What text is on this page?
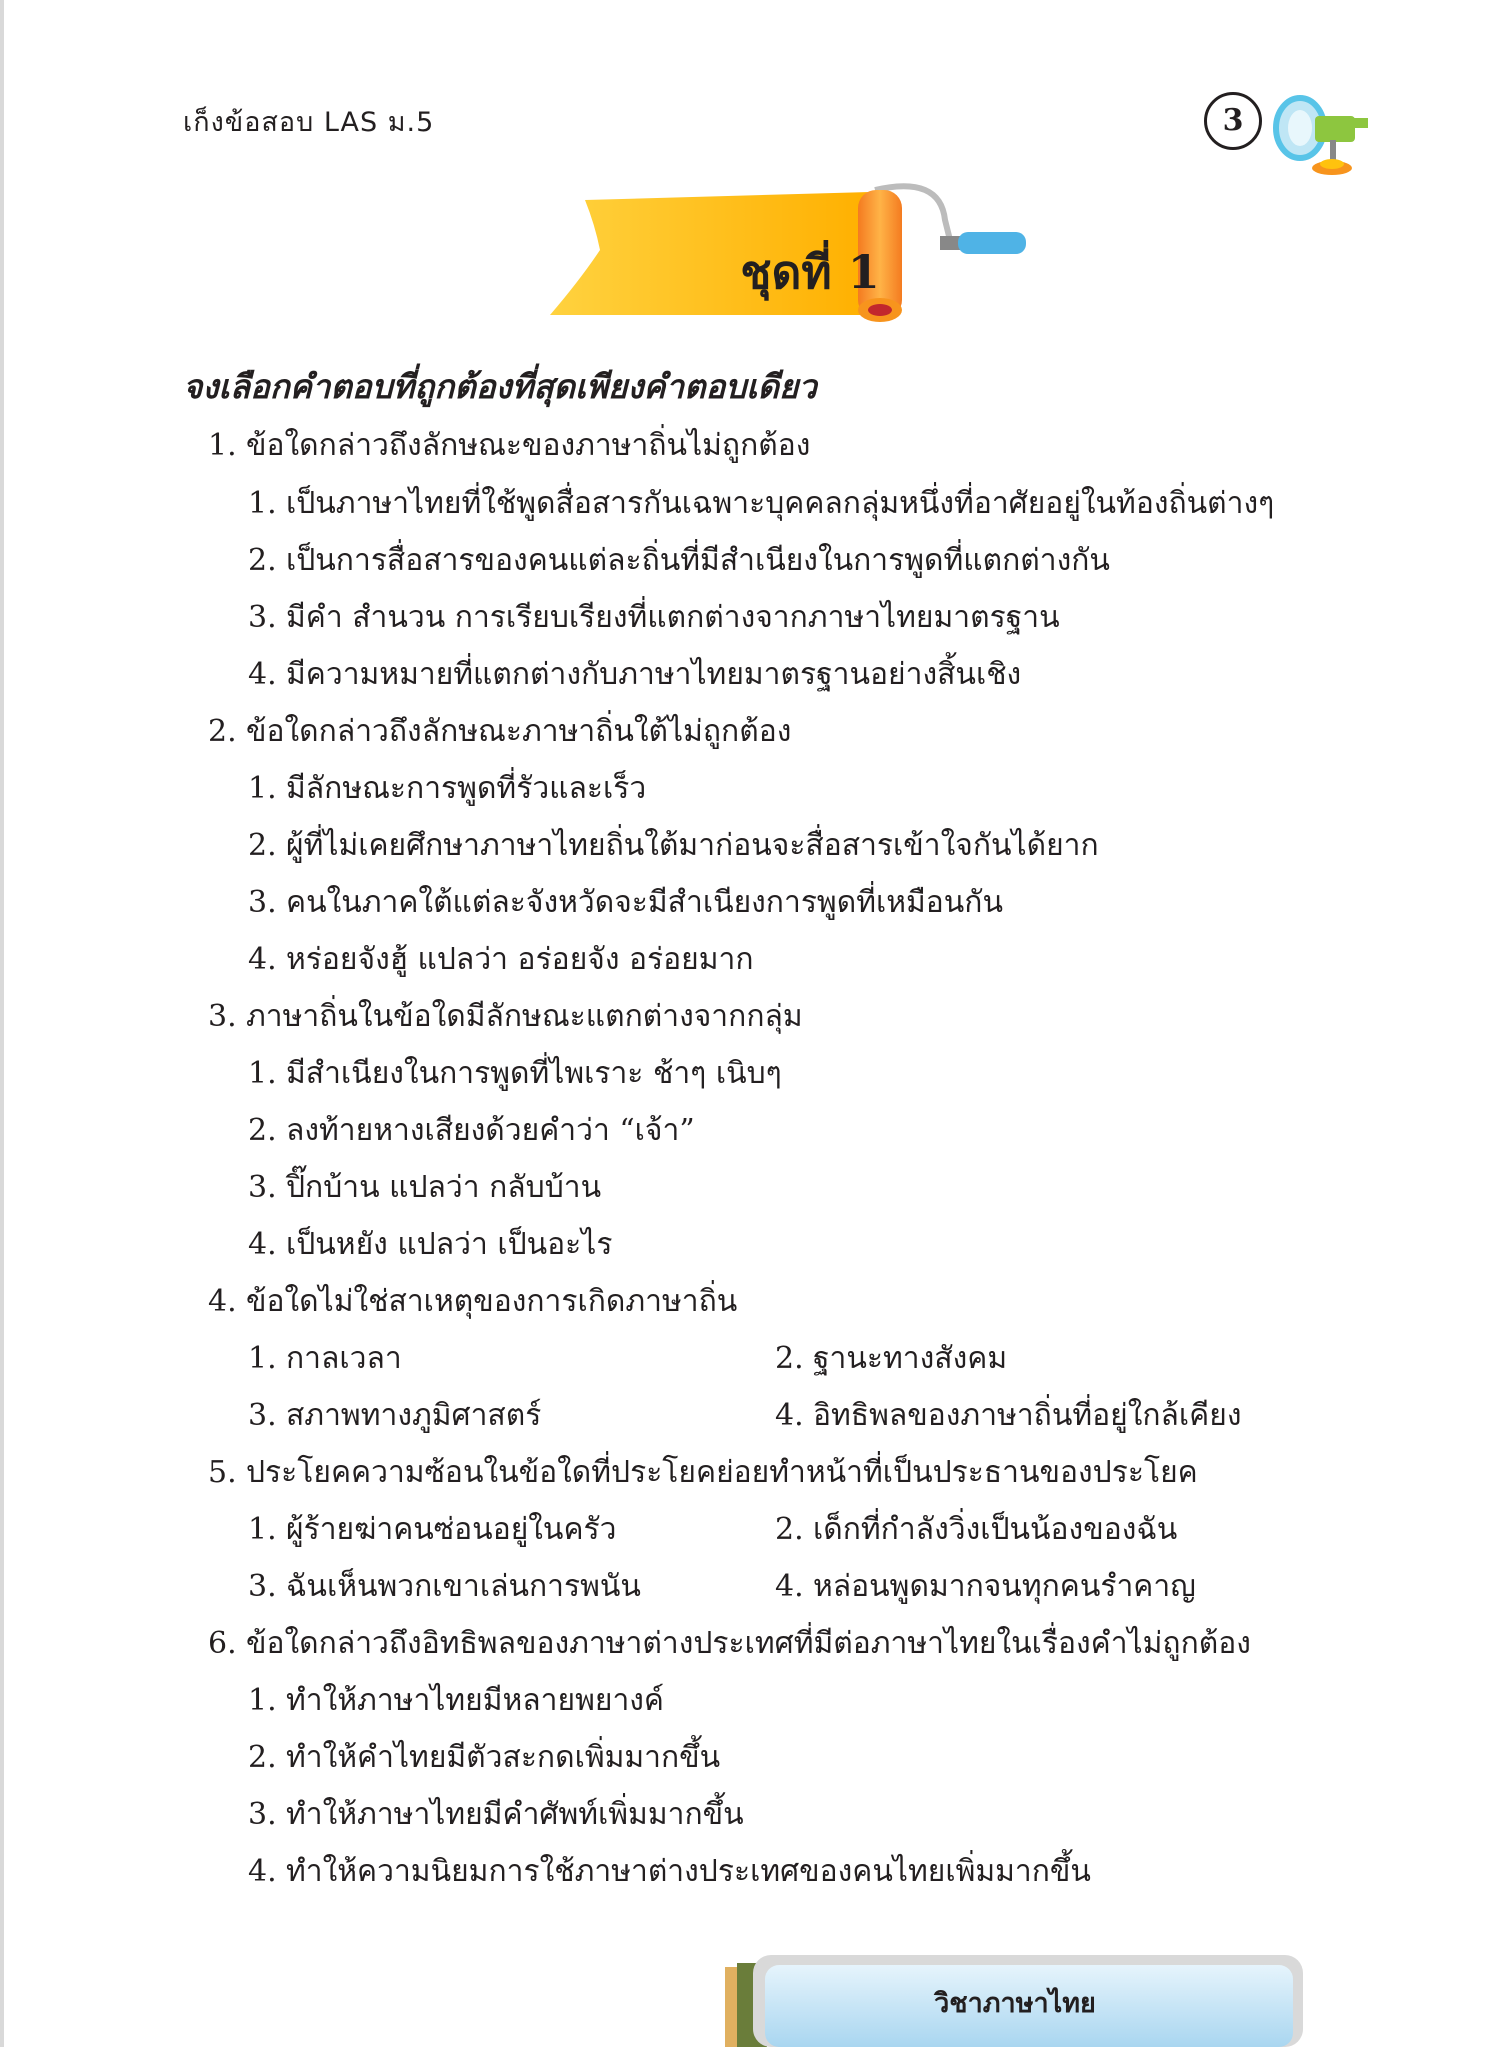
เก็งข้อสอบ LAS ม.5	3
ชุดที่ 1

จงเลือกคำตอบที่ถูกต้องที่สุดเพียงคำตอบเดียว

1. ข้อใดกล่าวถึงลักษณะของภาษาถิ่นไม่ถูกต้อง
1. เป็นภาษาไทยที่ใช้พูดสื่อสารกันเฉพาะบุคคลกลุ่มหนึ่งที่อาศัยอยู่ในท้องถิ่นต่างๆ
2. เป็นการสื่อสารของคนแต่ละถิ่นที่มีสำเนียงในการพูดที่แตกต่างกัน
3. มีคำ สำนวน การเรียบเรียงที่แตกต่างจากภาษาไทยมาตรฐาน
4. มีความหมายที่แตกต่างกับภาษาไทยมาตรฐานอย่างสิ้นเชิง
2. ข้อใดกล่าวถึงลักษณะภาษาถิ่นใต้ไม่ถูกต้อง
1. มีลักษณะการพูดที่รัวและเร็ว
2. ผู้ที่ไม่เคยศึกษาภาษาไทยถิ่นใต้มาก่อนจะสื่อสารเข้าใจกันได้ยาก
3. คนในภาคใต้แต่ละจังหวัดจะมีสำเนียงการพูดที่เหมือนกัน
4. หร่อยจังฮู้ แปลว่า อร่อยจัง อร่อยมาก
3. ภาษาถิ่นในข้อใดมีลักษณะแตกต่างจากกลุ่ม
1. มีสำเนียงในการพูดที่ไพเราะ ช้าๆ เนิบๆ
2. ลงท้ายหางเสียงด้วยคำว่า “เจ้า”
3. ปิ๊กบ้าน แปลว่า กลับบ้าน
4. เป็นหยัง แปลว่า เป็นอะไร
4. ข้อใดไม่ใช่สาเหตุของการเกิดภาษาถิ่น
1. กาลเวลา	2. ฐานะทางสังคม
3. สภาพทางภูมิศาสตร์	4. อิทธิพลของภาษาถิ่นที่อยู่ใกล้เคียง
5. ประโยคความซ้อนในข้อใดที่ประโยคย่อยทำหน้าที่เป็นประธานของประโยค
1. ผู้ร้ายฆ่าคนซ่อนอยู่ในครัว	2. เด็กที่กำลังวิ่งเป็นน้องของฉัน
3. ฉันเห็นพวกเขาเล่นการพนัน	4. หล่อนพูดมากจนทุกคนรำคาญ
6. ข้อใดกล่าวถึงอิทธิพลของภาษาต่างประเทศที่มีต่อภาษาไทยในเรื่องคำไม่ถูกต้อง
1. ทำให้ภาษาไทยมีหลายพยางค์
2. ทำให้คำไทยมีตัวสะกดเพิ่มมากขึ้น
3. ทำให้ภาษาไทยมีคำศัพท์เพิ่มมากขึ้น
4. ทำให้ความนิยมการใช้ภาษาต่างประเทศของคนไทยเพิ่มมากขึ้น
วิชาภาษาไทย
